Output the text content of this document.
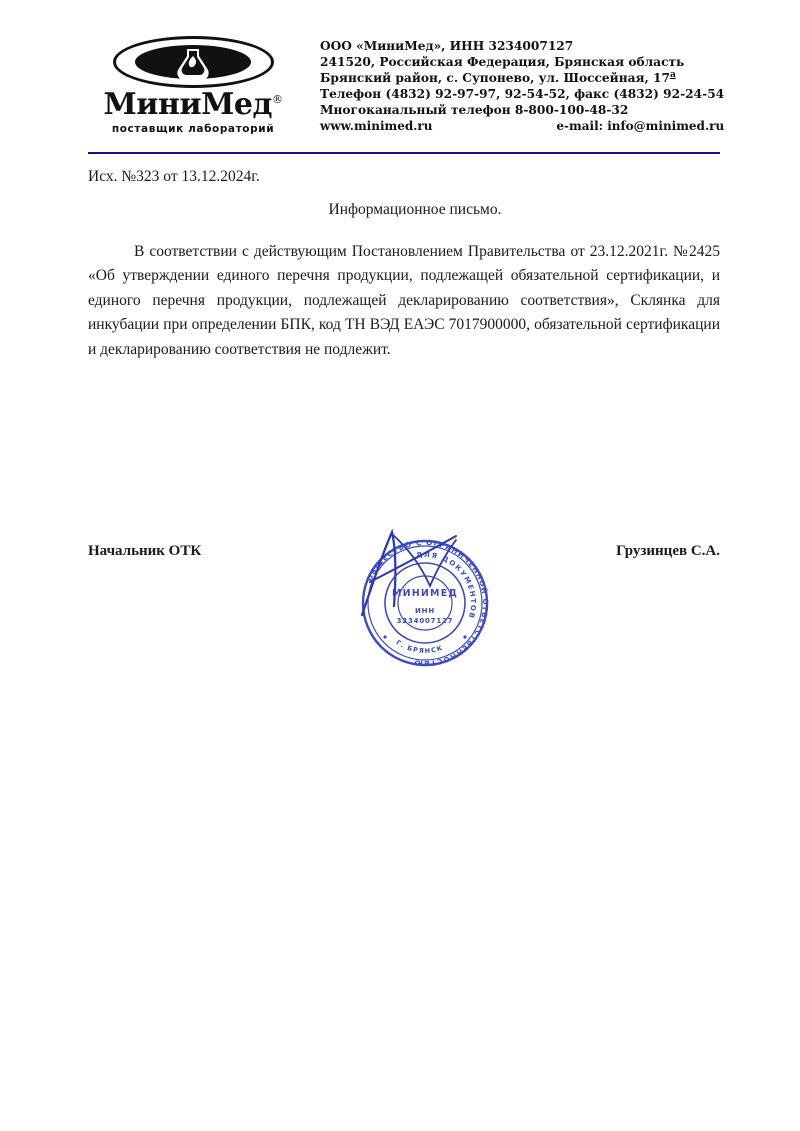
МиниМед®
поставщик лабораторий
ООО «МиниМед», ИНН 3234007127
241520, Российская Федерация, Брянская область
Брянский район, с. Супонево, ул. Шоссейная, $17^а$
Телефон (4832) 92-97-97, 92-54-52, факс (4832) 92-24-54
Многоканальный телефон 8-800-100-48-32
www.minimed.ru	e-mail: info@minimed.ru
Исх. №323 от 13.12.2024г.
Информационное письмо.
В соответствии с действующим Постановлением Правительства от 23.12.2021г. №2425 «Об утверждении единого перечня продукции, подлежащей обязательной сертификации, и единого перечня продукции, подлежащей декларированию соответствия», Склянка для инкубации при определении БПК, код ТН ВЭД ЕАЭС 7017900000, обязательной сертификации и декларированию соответствия не подлежит.
Начальник ОТК	Грузинцев С.А.
ОБЩЕСТВО С ОГРАНИЧЕННОЙ ОТВЕТСТВЕННОСТЬЮ
ДЛЯ ДОКУМЕНТОВ
Г. БРЯНСК
МИНИМЕД
ИНН
3234007127
